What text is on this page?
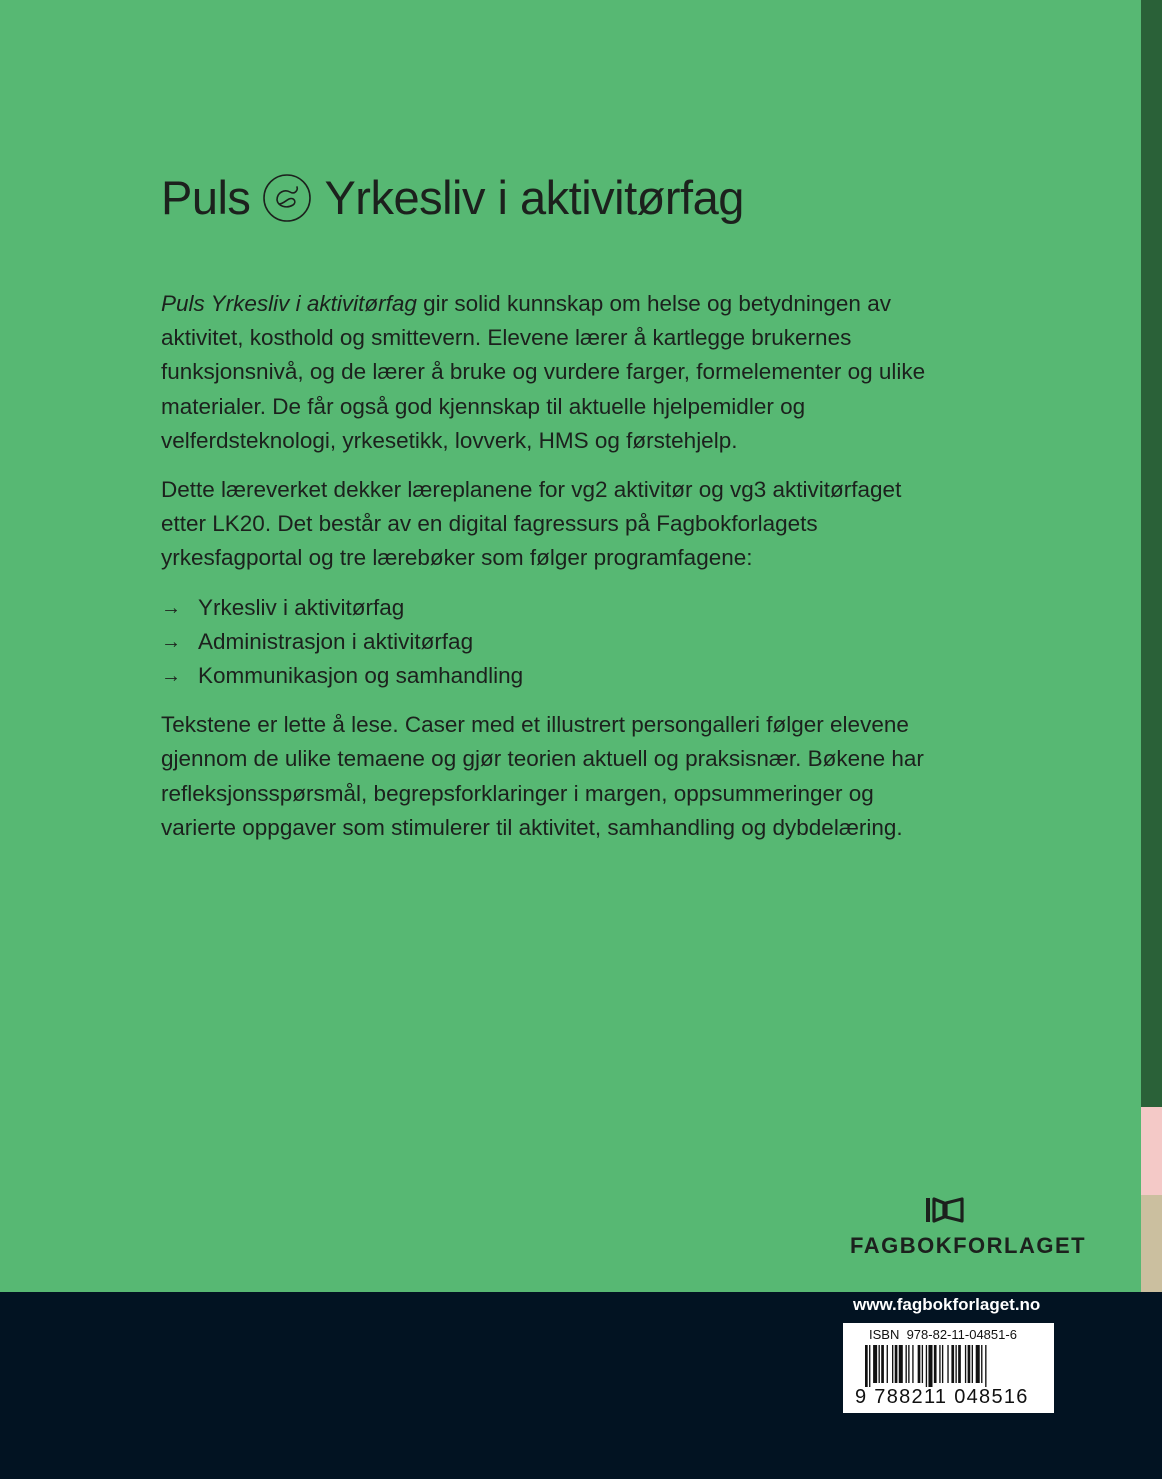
Puls Yrkesliv i aktivitørfag

Puls Yrkesliv i aktivitørfag gir solid kunnskap om helse og betydningen av aktivitet, kosthold og smittevern. Elevene lærer å kartlegge brukernes funksjonsnivå, og de lærer å bruke og vurdere farger, formelementer og ulike materialer. De får også god kjennskap til aktuelle hjelpemidler og velferdsteknologi, yrkesetikk, lovverk, HMS og førstehjelp.

Dette læreverket dekker læreplanene for vg2 aktivitør og vg3 aktivitørfaget etter LK20. Det består av en digital fagressurs på Fagbokforlagets yrkesfagportal og tre lærebøker som følger programfagene:

→ Yrkesliv i aktivitørfag
→ Administrasjon i aktivitørfag
→ Kommunikasjon og samhandling

Tekstene er lette å lese. Caser med et illustrert persongalleri følger elevene gjennom de ulike temaene og gjør teorien aktuell og praksisnær. Bøkene har refleksjonsspørsmål, begrepsforklaringer i margen, oppsummeringer og varierte oppgaver som stimulerer til aktivitet, samhandling og dybdelæring.

FAGBOKFORLAGET
www.fagbokforlaget.no
ISBN 978-82-11-04851-6
9 788211 048516
